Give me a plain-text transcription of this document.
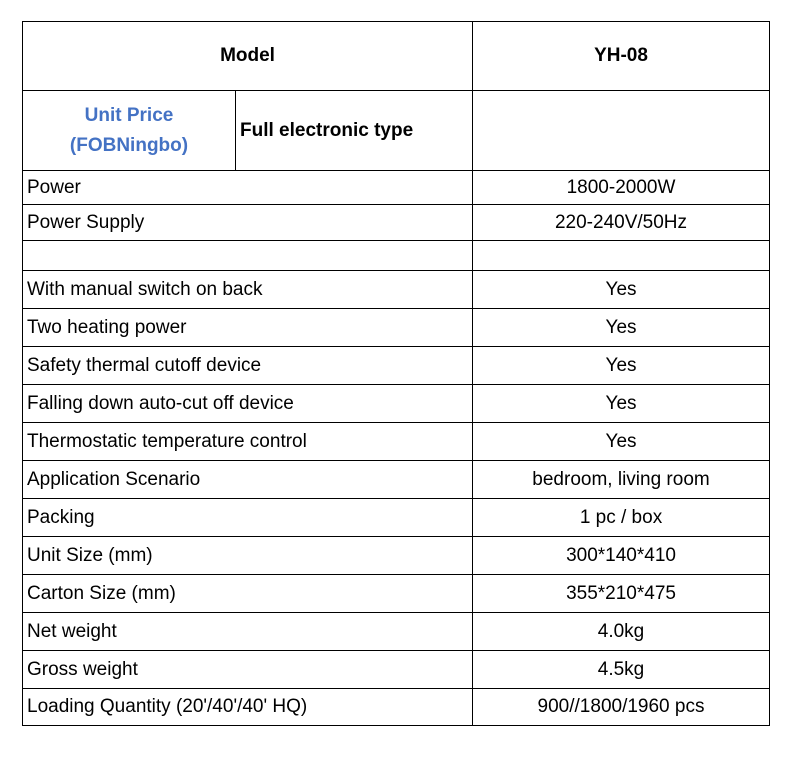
Model		YH-08

Unit Price
(FOBNingbo)	Full electronic type	
Power		1800-2000W
Power Supply		220-240V/50Hz

With manual switch on back		Yes
Two heating power		Yes
Safety thermal cutoff device		Yes
Falling down auto-cut off device		Yes
Thermostatic temperature control		Yes
Application Scenario		bedroom, living room
Packing		1 pc / box
Unit Size (mm)		300*140*410
Carton Size (mm)		355*210*475
Net weight		4.0kg
Gross weight		4.5kg
Loading Quantity (20'/40'/40' HQ)		900//1800/1960 pcs
